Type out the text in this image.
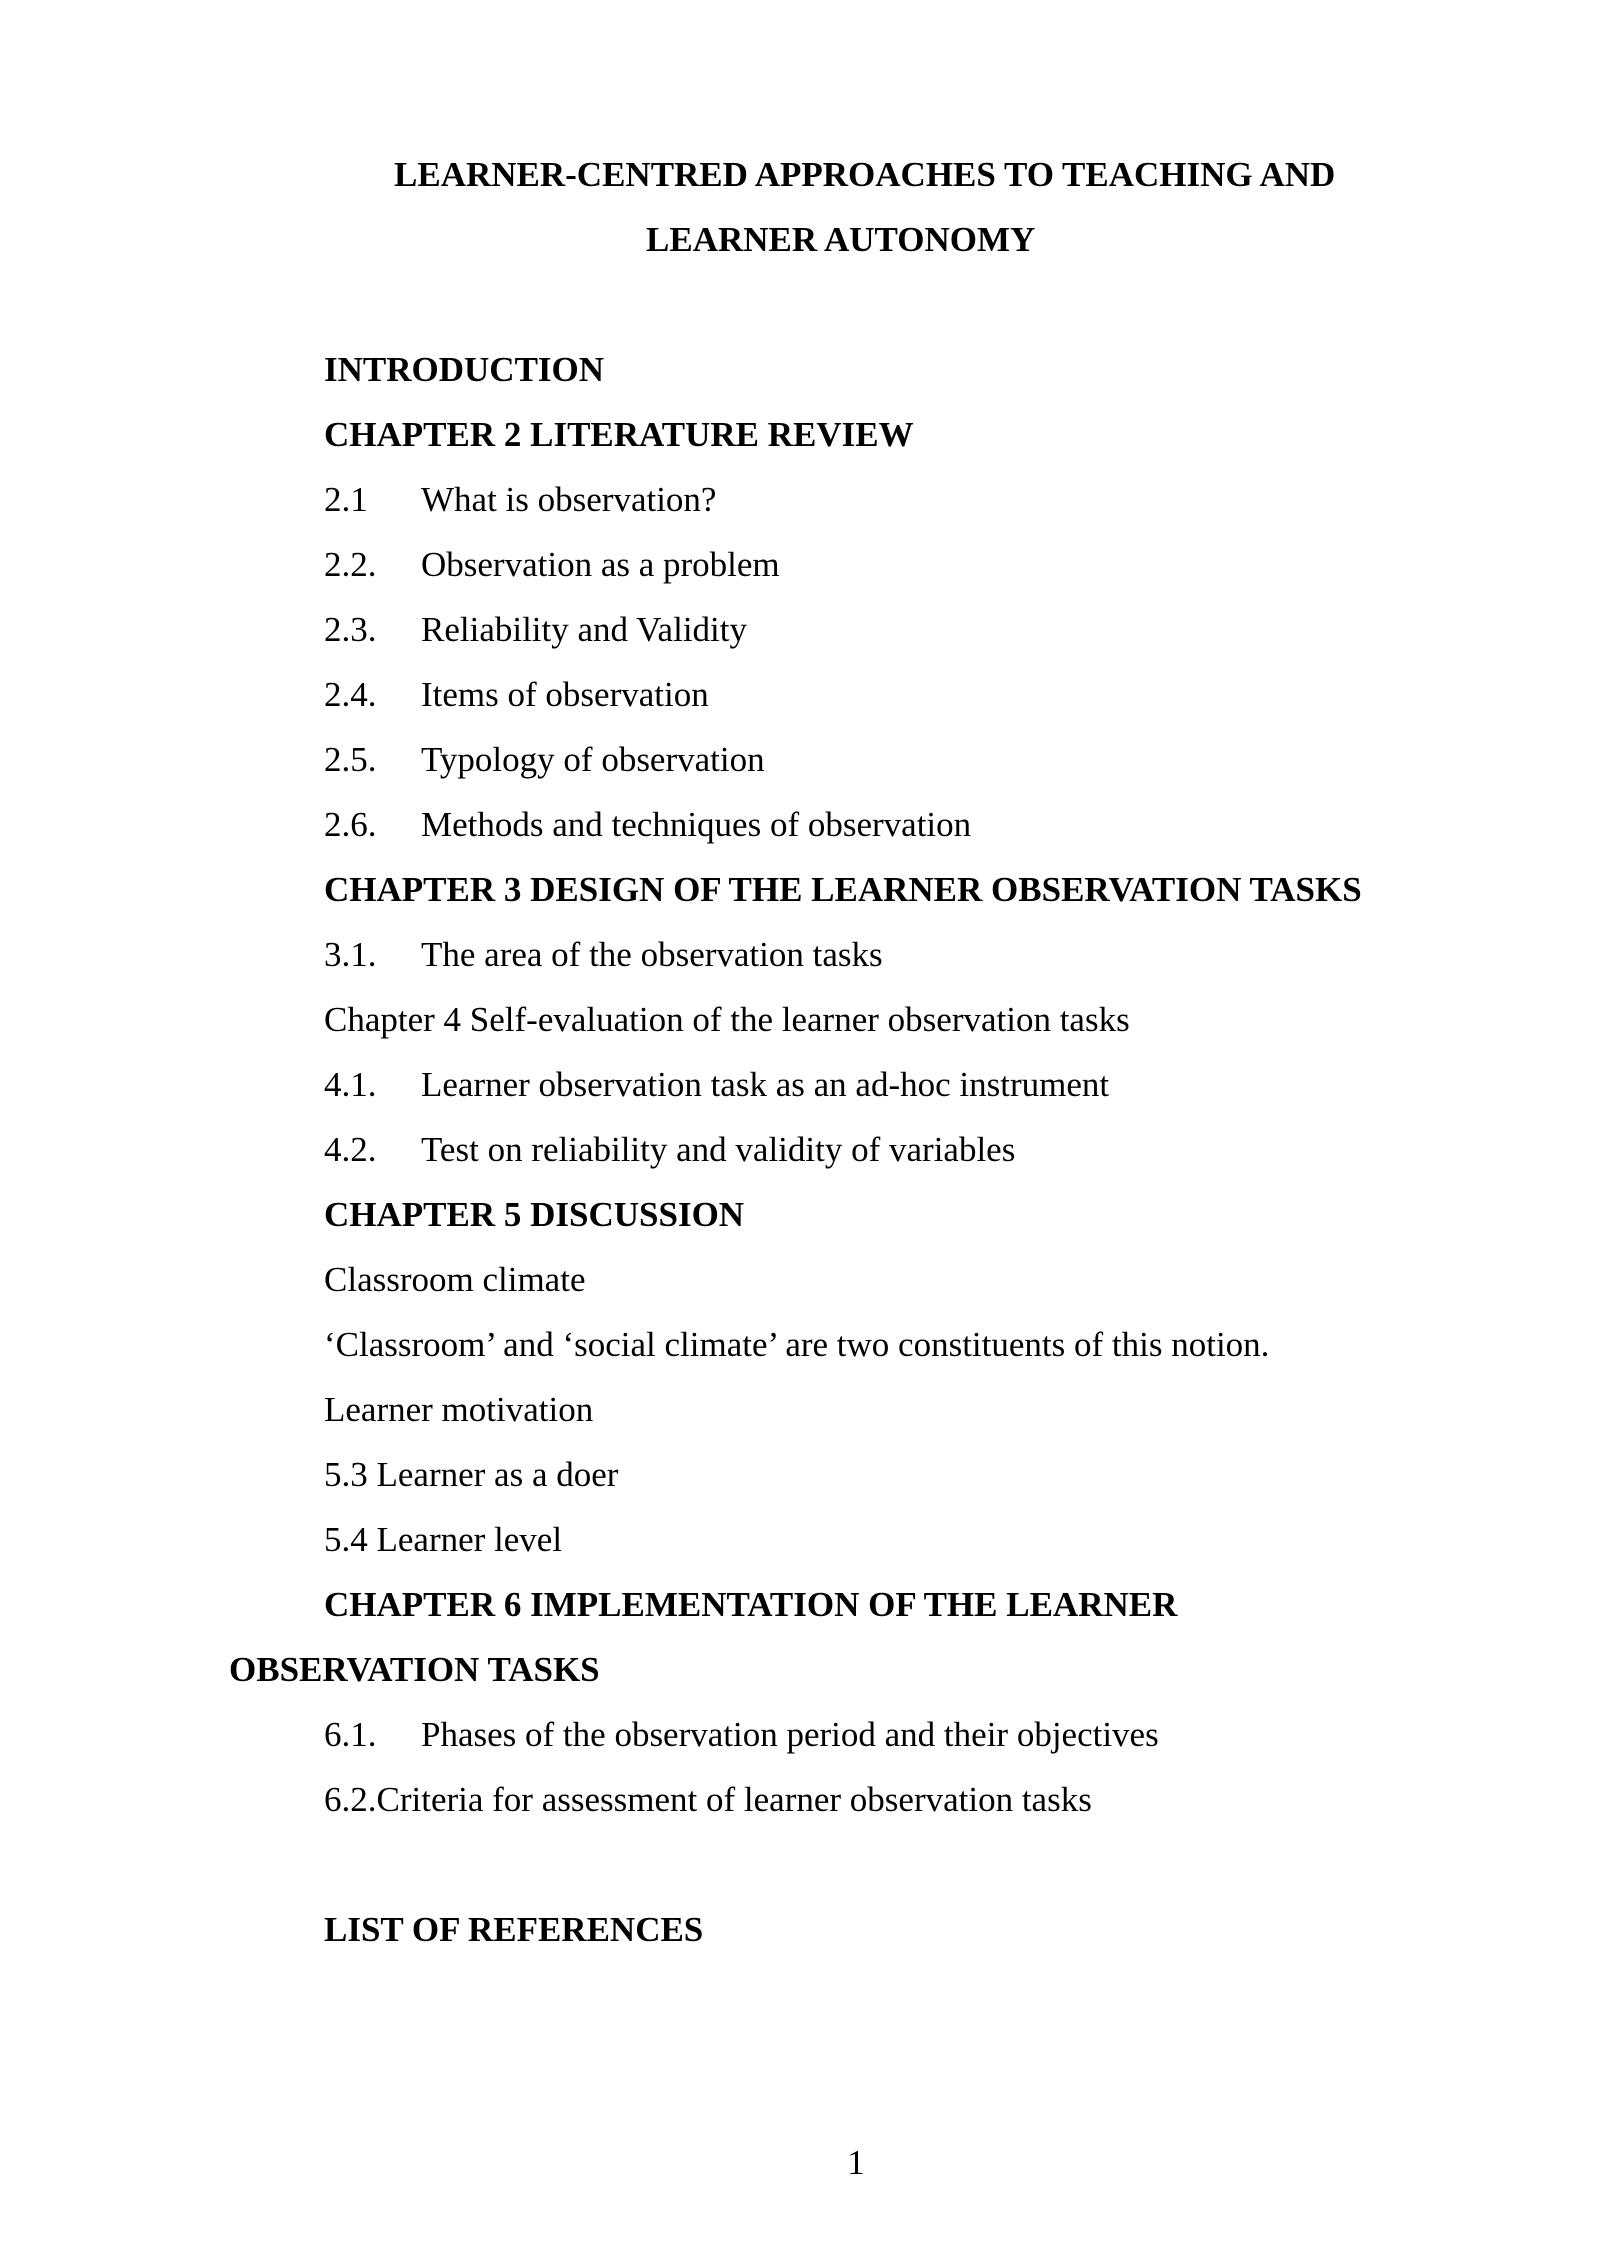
LEARNER-CENTRED APPROACHES TO TEACHING AND
LEARNER AUTONOMY
INTRODUCTION
CHAPTER 2 LITERATURE REVIEW
2.1 What is observation?
2.2. Observation as a problem
2.3. Reliability and Validity
2.4. Items of observation
2.5. Typology of observation
2.6. Methods and techniques of observation
CHAPTER 3 DESIGN OF THE LEARNER OBSERVATION TASKS
3.1. The area of the observation tasks
Chapter 4 Self-evaluation of the learner observation tasks
4.1. Learner observation task as an ad-hoc instrument
4.2. Test on reliability and validity of variables
CHAPTER 5 DISCUSSION
Classroom climate
‘Classroom’ and ‘social climate’ are two constituents of this notion.
Learner motivation
5.3 Learner as a doer
5.4 Learner level
CHAPTER 6 IMPLEMENTATION OF THE LEARNER
OBSERVATION TASKS
6.1. Phases of the observation period and their objectives
6.2.Criteria for assessment of learner observation tasks
LIST OF REFERENCES
1
